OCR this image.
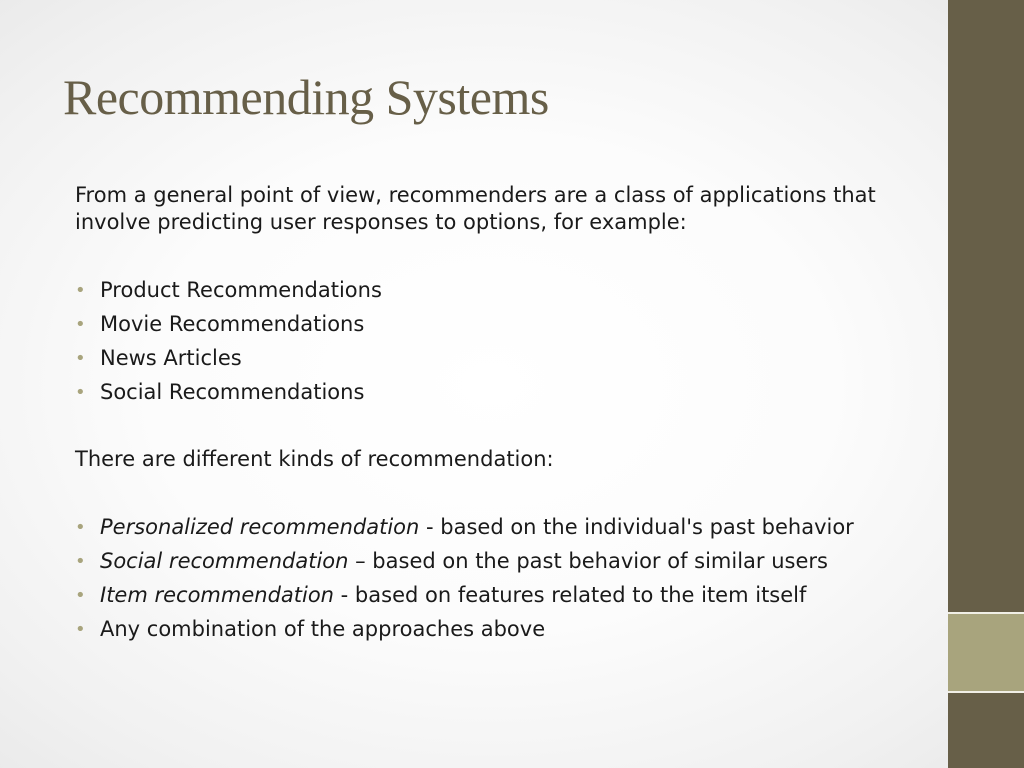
Recommending Systems

From a general point of view, recommenders are a class of applications that involve predicting user responses to options, for example:

• Product Recommendations
• Movie Recommendations
• News Articles
• Social Recommendations

There are different kinds of recommendation:

• Personalized recommendation - based on the individual's past behavior
• Social recommendation – based on the past behavior of similar users
• Item recommendation - based on features related to the item itself
• Any combination of the approaches above
